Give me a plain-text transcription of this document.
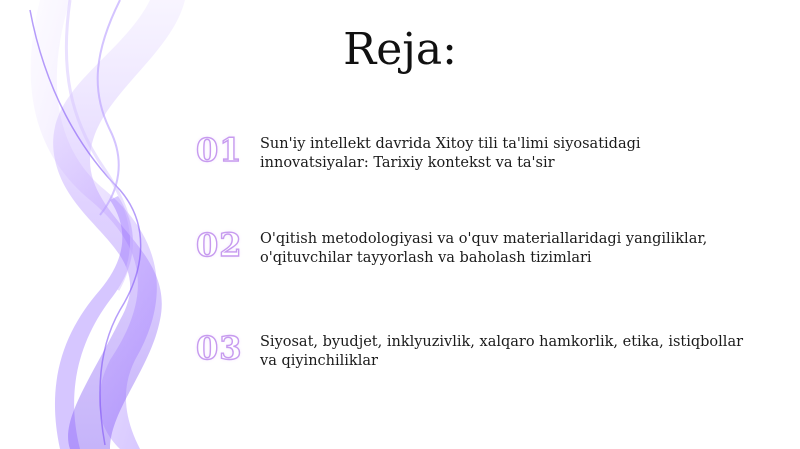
Reja:
01 Sun'iy intellekt davrida Xitoy tili ta'limi siyosatidagi innovatsiyalar: Tarixiy kontekst va ta'sir

02 O'qitish metodologiyasi va o'quv materiallaridagi yangiliklar, o'qituvchilar tayyorlash va baholash tizimlari

03 Siyosat, byudjet, inklyuzivlik, xalqaro hamkorlik, etika, istiqbollar va qiyinchiliklar
